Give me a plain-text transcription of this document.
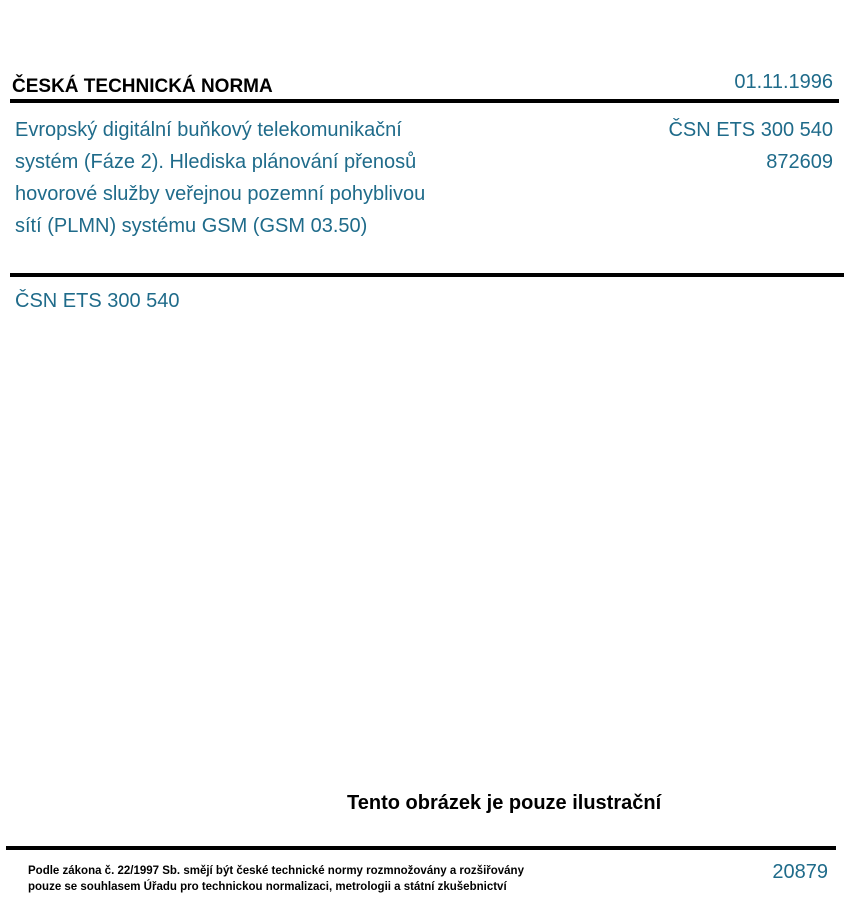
ČESKÁ TECHNICKÁ NORMA	01.11.1996
Evropský digitální buňkový telekomunikační
systém (Fáze 2). Hlediska plánování přenosů
hovorové služby veřejnou pozemní pohyblivou
sítí (PLMN) systému GSM (GSM 03.50)
ČSN ETS 300 540
872609
ČSN ETS 300 540
Tento obrázek je pouze ilustrační
Podle zákona č. 22/1997 Sb. smějí být české technické normy rozmnožovány a rozšiřovány
pouze se souhlasem Úřadu pro technickou normalizaci, metrologii a státní zkušebnictví
20879
